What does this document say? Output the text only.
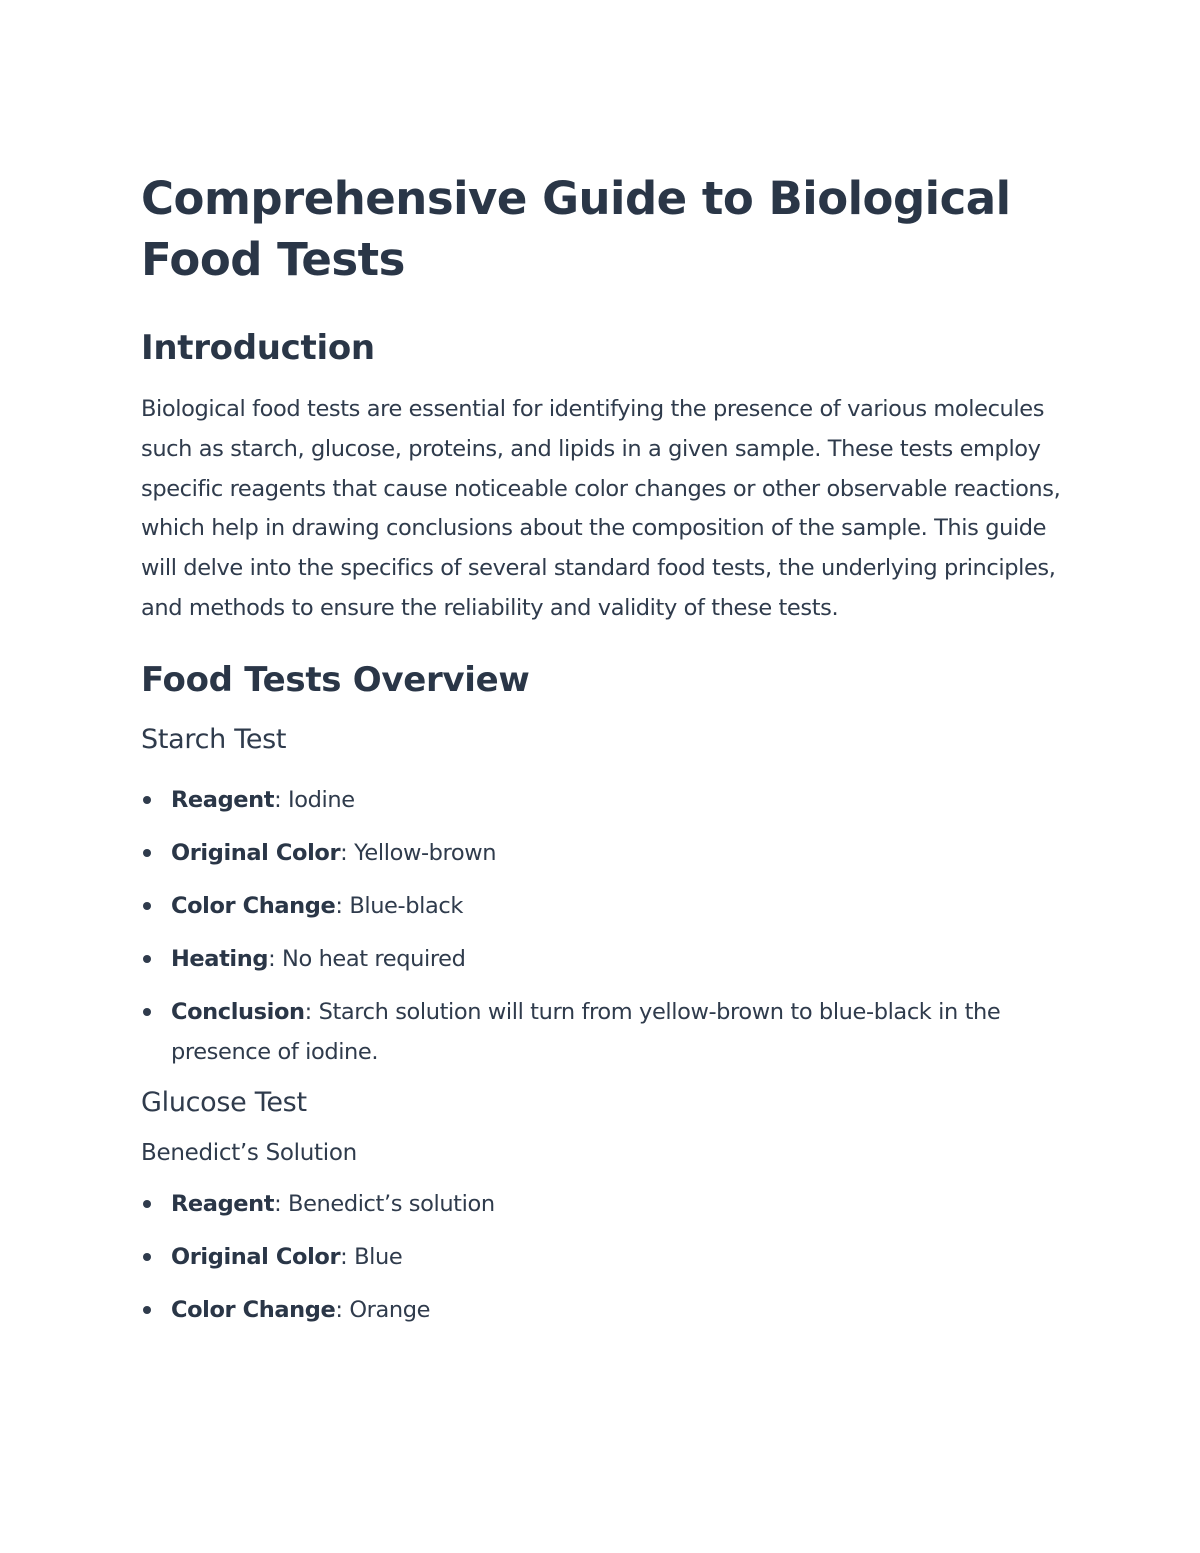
Comprehensive Guide to Biological Food Tests
Introduction

Biological food tests are essential for identifying the presence of various molecules such as starch, glucose, proteins, and lipids in a given sample. These tests employ specific reagents that cause noticeable color changes or other observable reactions, which help in drawing conclusions about the composition of the sample. This guide will delve into the specifics of several standard food tests, the underlying principles, and methods to ensure the reliability and validity of these tests.

Food Tests Overview
Starch Test
Reagent: Iodine
Original Color: Yellow-brown
Color Change: Blue-black
Heating: No heat required
Conclusion: Starch solution will turn from yellow-brown to blue-black in the presence of iodine.
Glucose Test
Benedict’s Solution
Reagent: Benedict’s solution
Original Color: Blue
Color Change: Orange
